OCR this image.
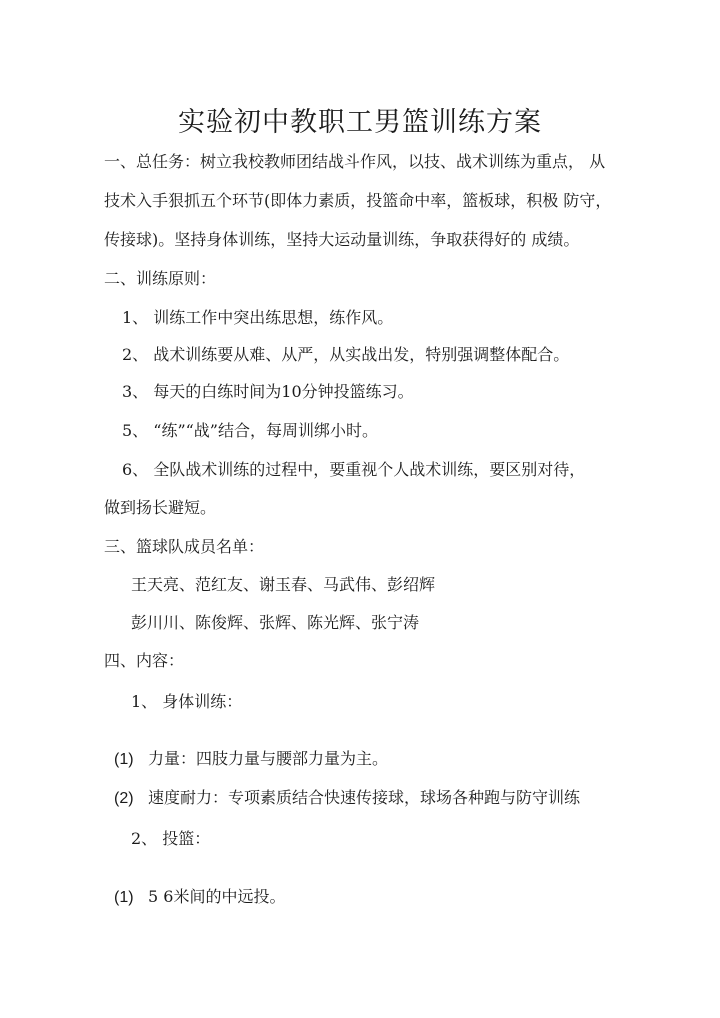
实验初中教职工男篮训练方案
一、总任务：树立我校教师团结战斗作风，以技、战术训练为重点， 从
技术入手狠抓五个环节(即体力素质，投篮命中率，篮板球，积极 防守，
传接球)。坚持身体训练，坚持大运动量训练，争取获得好的 成绩。
二、训练原则：
1、 训练工作中突出练思想，练作风。
2、 战术训练要从难、从严，从实战出发，特别强调整体配合。
3、 每天的白练时间为10分钟投篮练习。
5、 “练”“战”结合，每周训绑小时。
6、 全队战术训练的过程中，要重视个人战术训练，要区别对待，
做到扬长避短。
三、篮球队成员名单：
王天亮、范红友、谢玉春、马武伟、彭绍辉
彭川川、陈俊辉、张辉、陈光辉、张宁涛
四、内容：
1、 身体训练：
(1) 力量：四肢力量与腰部力量为主。
(2) 速度耐力：专项素质结合快速传接球，球场各种跑与防守训练
2、 投篮：
(1) 5 6米间的中远投。
